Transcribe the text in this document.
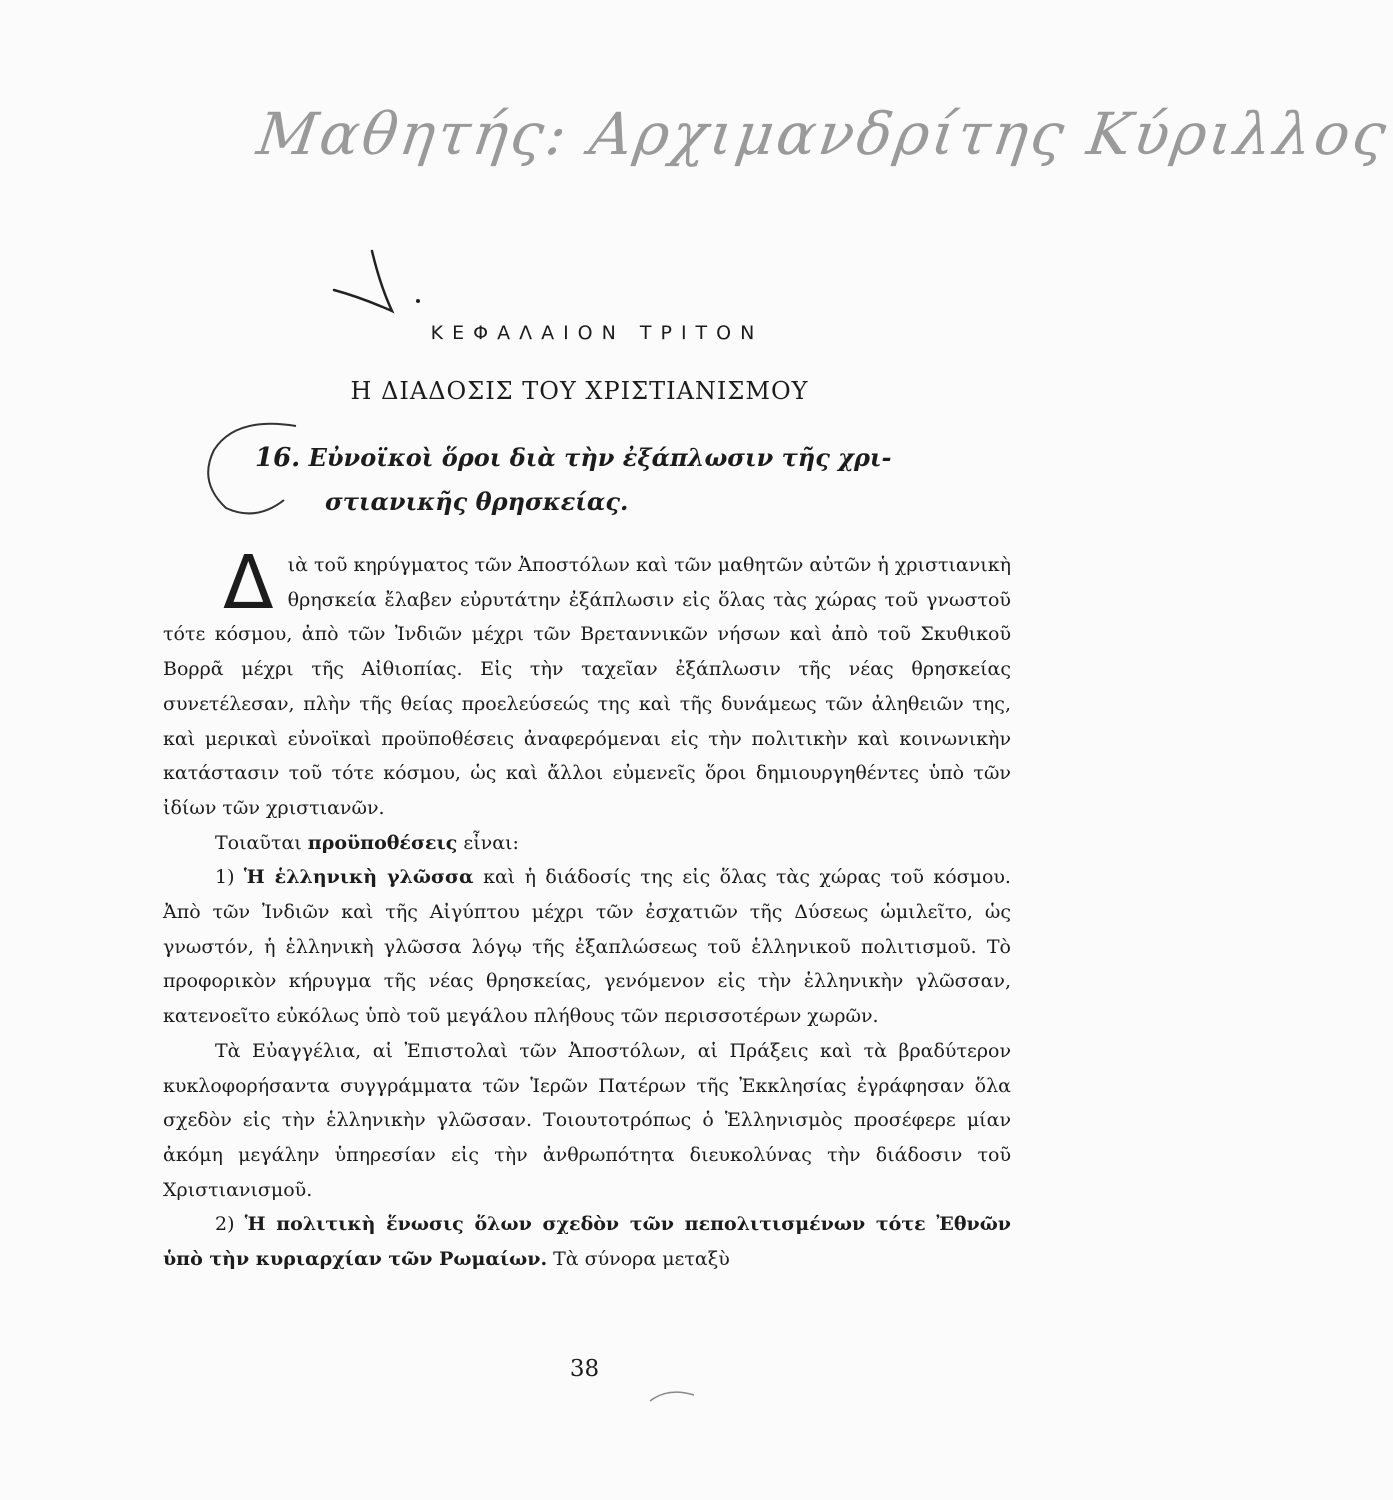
Μαθητής: Αρχιμανδρίτης Κύριλλος
ΚΕΦΑΛΑΙΟΝ ΤΡΙΤΟΝ
Η ΔΙΑΔΟΣΙΣ ΤΟΥ ΧΡΙΣΤΙΑΝΙΣΜΟΥ
16. Εὐνοϊκοὶ ὅροι διὰ τὴν ἐξάπλωσιν τῆς χρι-
στιανικῆς θρησκείας.

Διὰ τοῦ κηρύγματος τῶν Ἀποστόλων καὶ τῶν μαθητῶν αὐτῶν ἡ χριστιανικὴ θρησκεία ἔλαβεν εὐρυτάτην ἐξάπλωσιν εἰς ὅλας τὰς χώρας τοῦ γνωστοῦ τότε κόσμου, ἀπὸ τῶν Ἰνδιῶν μέχρι τῶν Βρεταννικῶν νήσων καὶ ἀπὸ τοῦ Σκυθικοῦ Βορρᾶ μέχρι τῆς Αἰθιοπίας. Εἰς τὴν ταχεῖαν ἐξάπλωσιν τῆς νέας θρησκείας συνετέλεσαν, πλὴν τῆς θείας προελεύσεώς της καὶ τῆς δυνάμεως τῶν ἀληθειῶν της, καὶ μερικαὶ εὐνοϊκαὶ προϋποθέσεις ἀναφερόμεναι εἰς τὴν πολιτικὴν καὶ κοινωνικὴν κατάστασιν τοῦ τότε κόσμου, ὡς καὶ ἄλλοι εὐμενεῖς ὅροι δημιουργηθέντες ὑπὸ τῶν ἰδίων τῶν χριστιανῶν.

Τοιαῦται προϋποθέσεις εἶναι:

1) Ἡ ἑλληνικὴ γλῶσσα καὶ ἡ διάδοσίς της εἰς ὅλας τὰς χώρας τοῦ κόσμου. Ἀπὸ τῶν Ἰνδιῶν καὶ τῆς Αἰγύπτου μέχρι τῶν ἐσχατιῶν τῆς Δύσεως ὡμιλεῖτο, ὡς γνωστόν, ἡ ἑλληνικὴ γλῶσσα λόγῳ τῆς ἐξαπλώσεως τοῦ ἑλληνικοῦ πολιτισμοῦ. Τὸ προφορικὸν κήρυγμα τῆς νέας θρησκείας, γενόμενον εἰς τὴν ἑλληνικὴν γλῶσσαν, κατενοεῖτο εὐκόλως ὑπὸ τοῦ μεγάλου πλήθους τῶν περισσοτέρων χωρῶν.

Τὰ Εὐαγγέλια, αἱ Ἐπιστολαὶ τῶν Ἀποστόλων, αἱ Πράξεις καὶ τὰ βραδύτερον κυκλοφορήσαντα συγγράμματα τῶν Ἱερῶν Πατέρων τῆς Ἐκκλησίας ἐγράφησαν ὅλα σχεδὸν εἰς τὴν ἑλληνικὴν γλῶσσαν. Τοιουτοτρόπως ὁ Ἑλληνισμὸς προσέφερε μίαν ἀκόμη μεγάλην ὑπηρεσίαν εἰς τὴν ἀνθρωπότητα διευκολύνας τὴν διάδοσιν τοῦ Χριστιανισμοῦ.

2) Ἡ πολιτικὴ ἕνωσις ὅλων σχεδὸν τῶν πεπολιτισμένων τότε Ἐθνῶν ὑπὸ τὴν κυριαρχίαν τῶν Ρωμαίων. Τὰ σύνορα μεταξὺ

38
